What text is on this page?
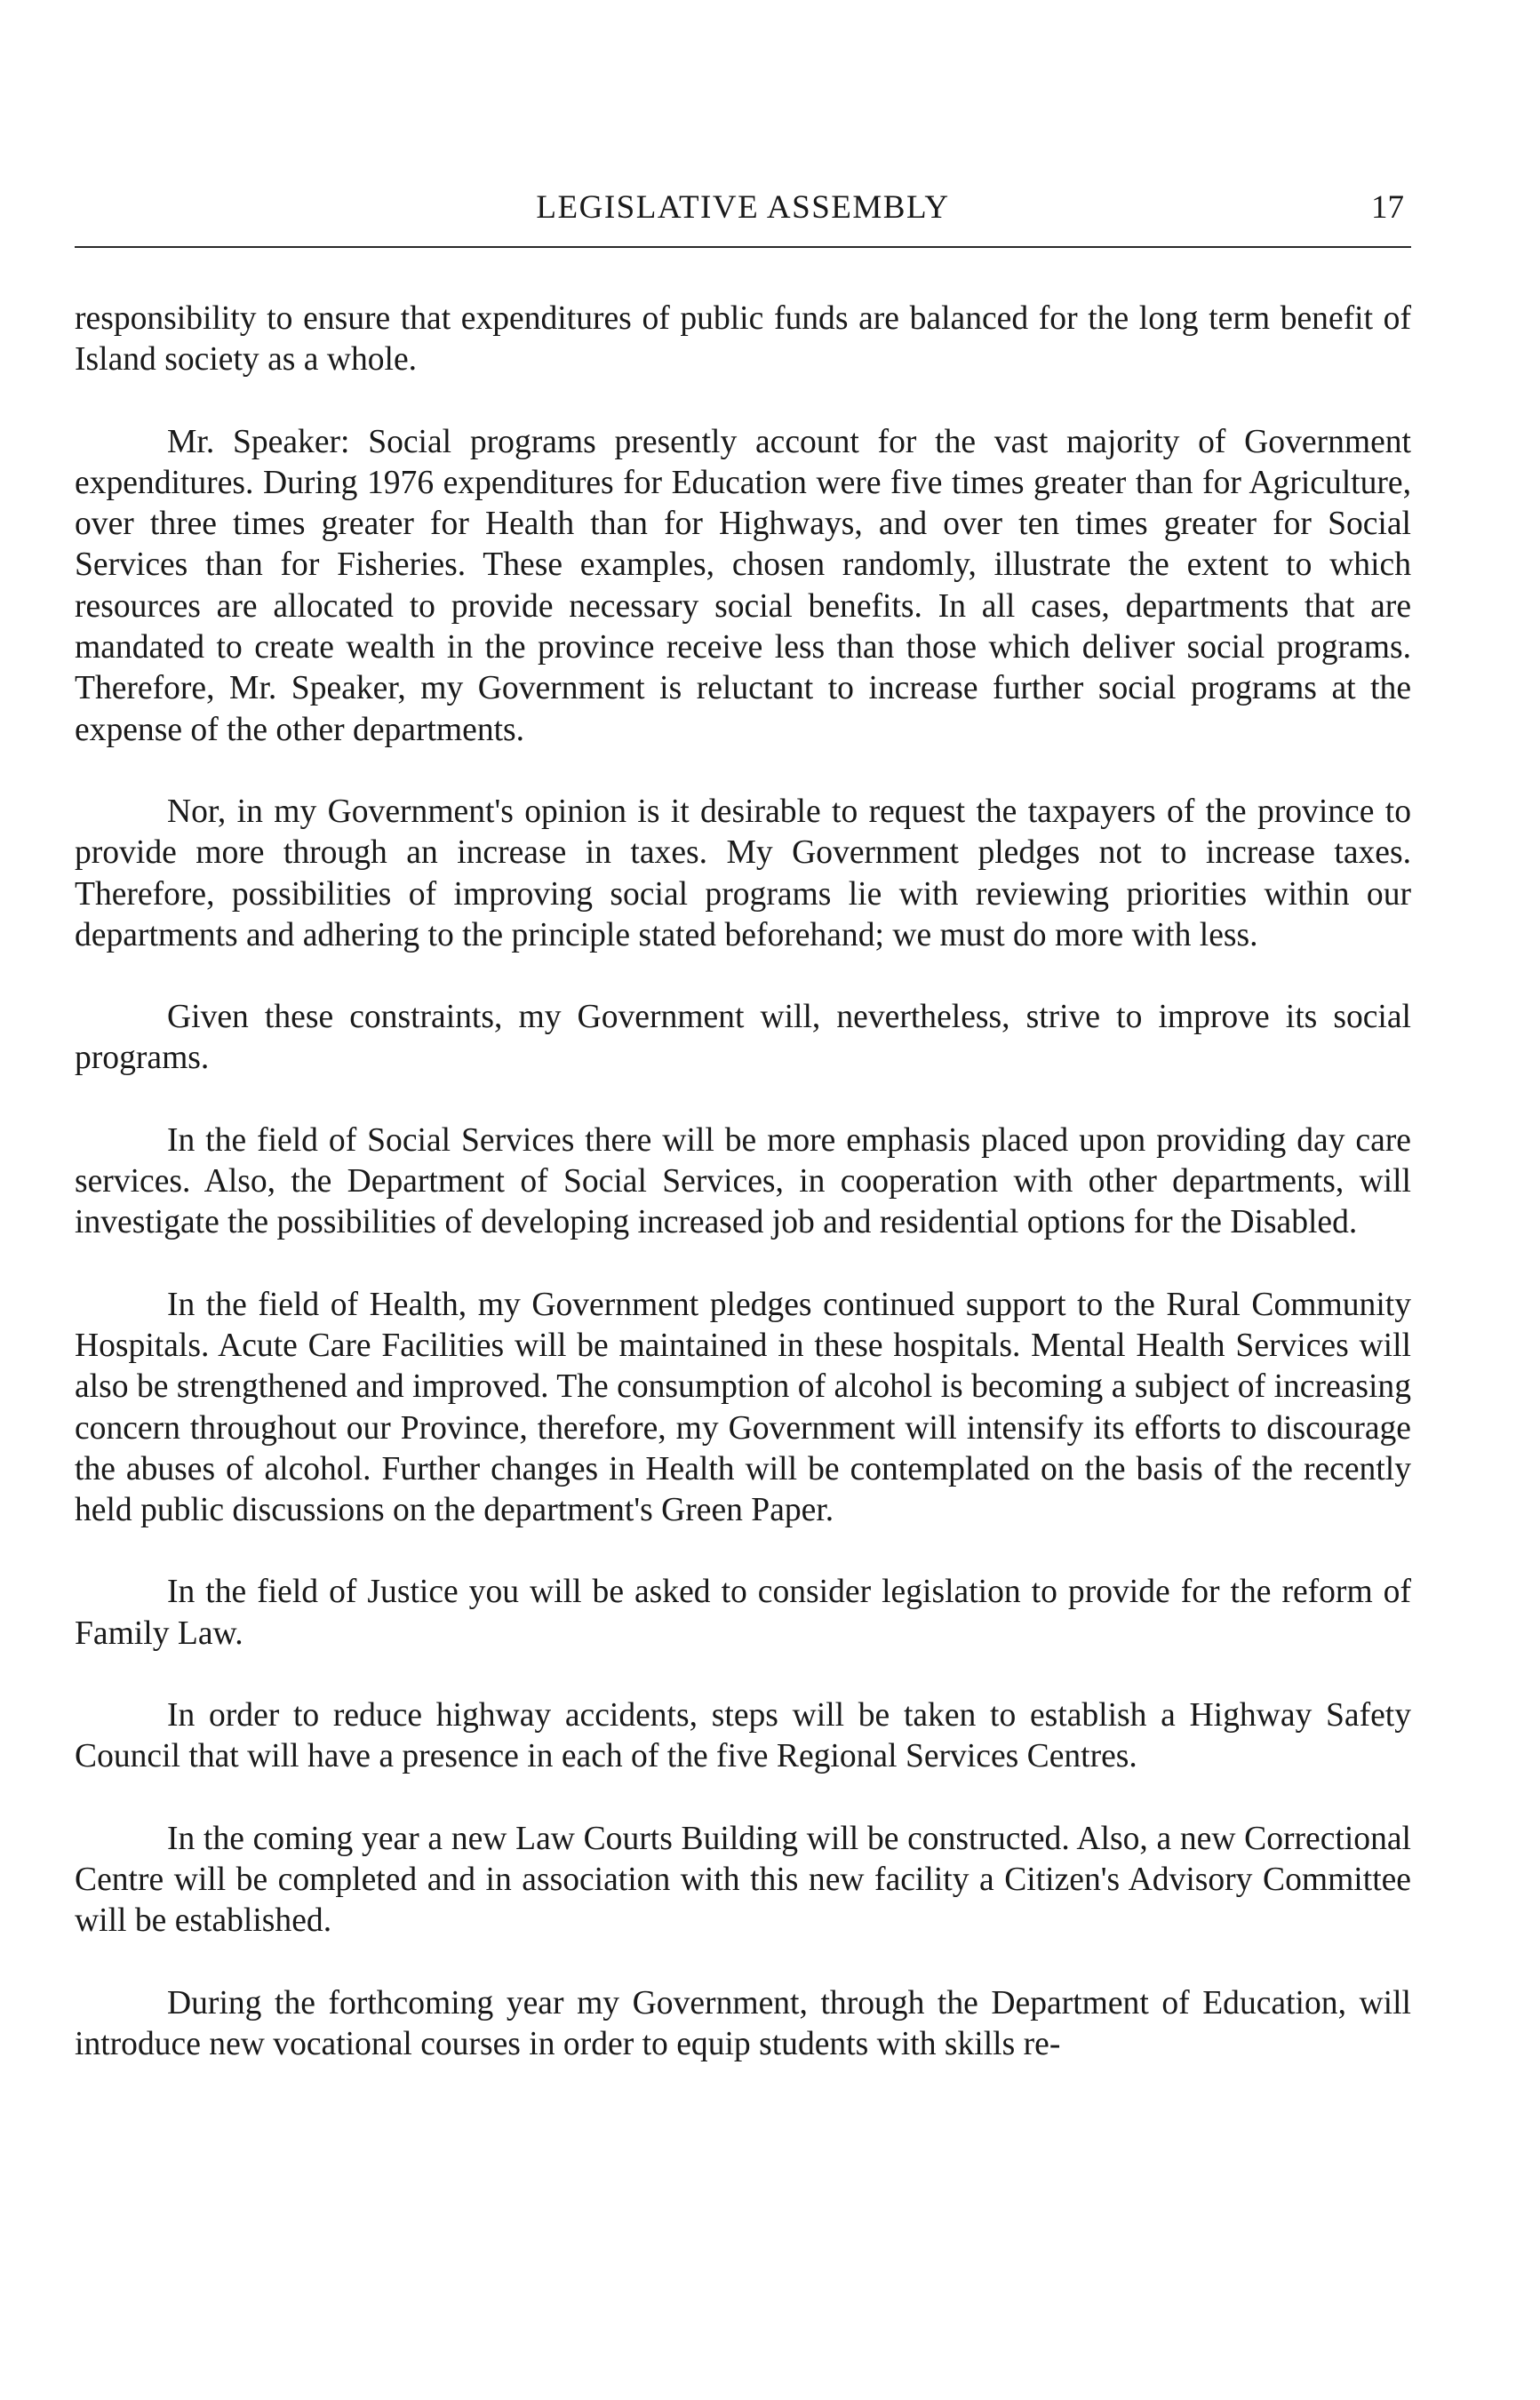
LEGISLATIVE ASSEMBLY	17

responsibility to ensure that expenditures of public funds are balanced for the long term benefit of Island society as a whole.

Mr. Speaker: Social programs presently account for the vast majority of Government expenditures. During 1976 expenditures for Education were five times greater than for Agriculture, over three times greater for Health than for Highways, and over ten times greater for Social Services than for Fisheries. These examples, chosen randomly, illustrate the extent to which resources are allocated to provide necessary social benefits. In all cases, departments that are mandated to create wealth in the province receive less than those which deliver social programs. Therefore, Mr. Speaker, my Government is reluctant to increase further social programs at the expense of the other departments.

Nor, in my Government's opinion is it desirable to request the taxpayers of the province to provide more through an increase in taxes. My Government pledges not to increase taxes. Therefore, possibilities of improving social programs lie with reviewing priorities within our departments and adhering to the principle stated beforehand; we must do more with less.

Given these constraints, my Government will, nevertheless, strive to improve its social programs.

In the field of Social Services there will be more emphasis placed upon providing day care services. Also, the Department of Social Services, in cooperation with other departments, will investigate the possibilities of developing increased job and residential options for the Disabled.

In the field of Health, my Government pledges continued support to the Rural Community Hospitals. Acute Care Facilities will be maintained in these hospitals. Mental Health Services will also be strengthened and improved. The consumption of alcohol is becoming a subject of increasing concern throughout our Province, therefore, my Government will intensify its efforts to discourage the abuses of alcohol. Further changes in Health will be contemplated on the basis of the recently held public discussions on the department's Green Paper.

In the field of Justice you will be asked to consider legislation to provide for the reform of Family Law.

In order to reduce highway accidents, steps will be taken to establish a Highway Safety Council that will have a presence in each of the five Regional Services Centres.

In the coming year a new Law Courts Building will be constructed. Also, a new Correctional Centre will be completed and in association with this new facility a Citizen's Advisory Committee will be established.

During the forthcoming year my Government, through the Department of Education, will introduce new vocational courses in order to equip students with skills re-
